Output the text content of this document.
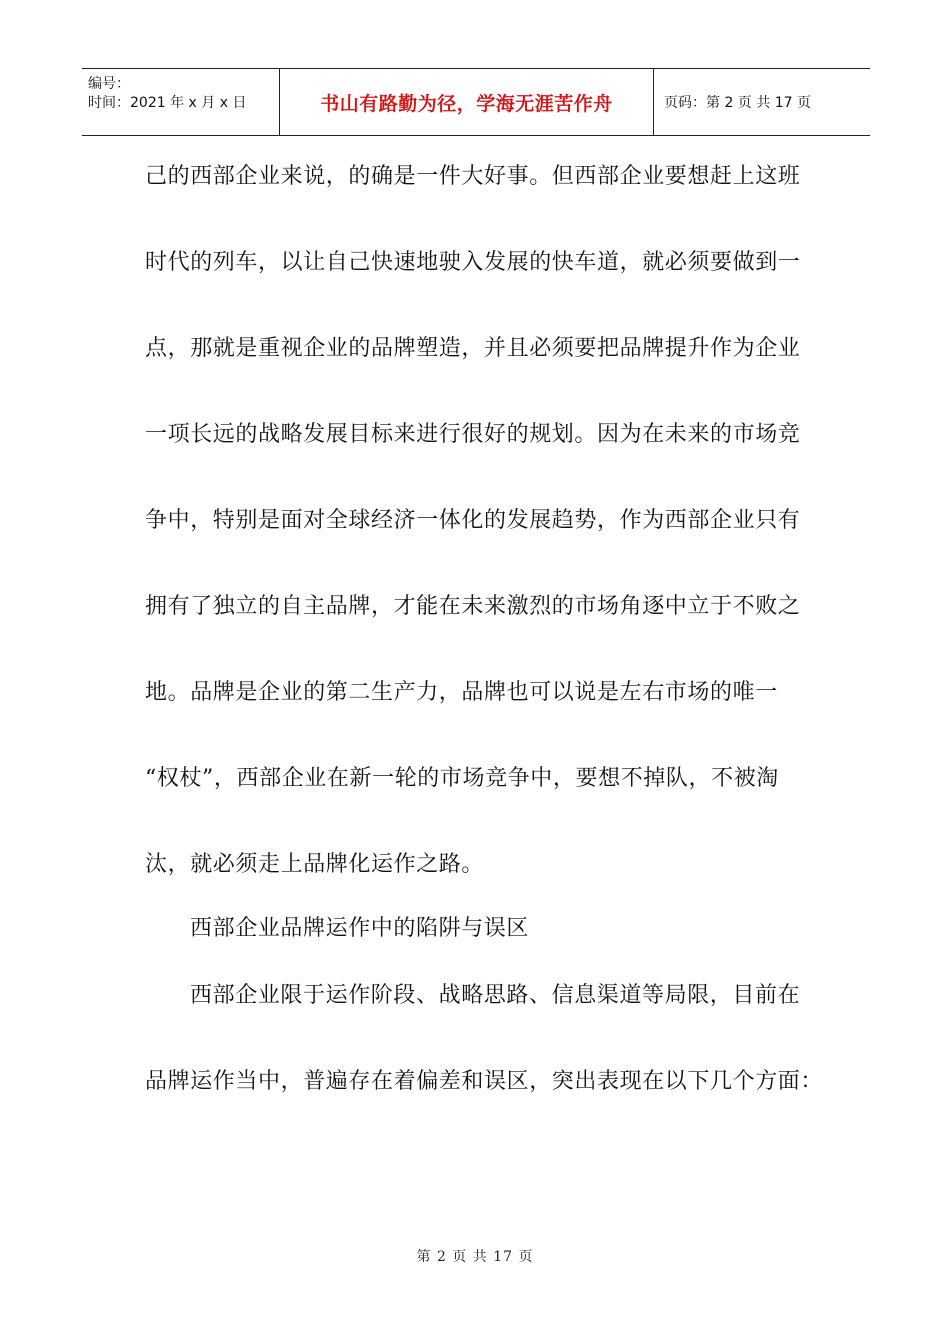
编号：
时间：2021 年 x 月 x 日	书山有路勤为径，学海无涯苦作舟	页码：第 2 页 共 17 页
己的西部企业来说，的确是一件大好事。但西部企业要想赶上这班
时代的列车，以让自己快速地驶入发展的快车道，就必须要做到一
点，那就是重视企业的品牌塑造，并且必须要把品牌提升作为企业
一项长远的战略发展目标来进行很好的规划。因为在未来的市场竞
争中，特别是面对全球经济一体化的发展趋势，作为西部企业只有
拥有了独立的自主品牌，才能在未来激烈的市场角逐中立于不败之
地。品牌是企业的第二生产力，品牌也可以说是左右市场的唯一
“权杖”，西部企业在新一轮的市场竞争中，要想不掉队，不被淘
汰，就必须走上品牌化运作之路。
西部企业品牌运作中的陷阱与误区
西部企业限于运作阶段、战略思路、信息渠道等局限，目前在
品牌运作当中，普遍存在着偏差和误区，突出表现在以下几个方面：
第 2 页 共 17 页
